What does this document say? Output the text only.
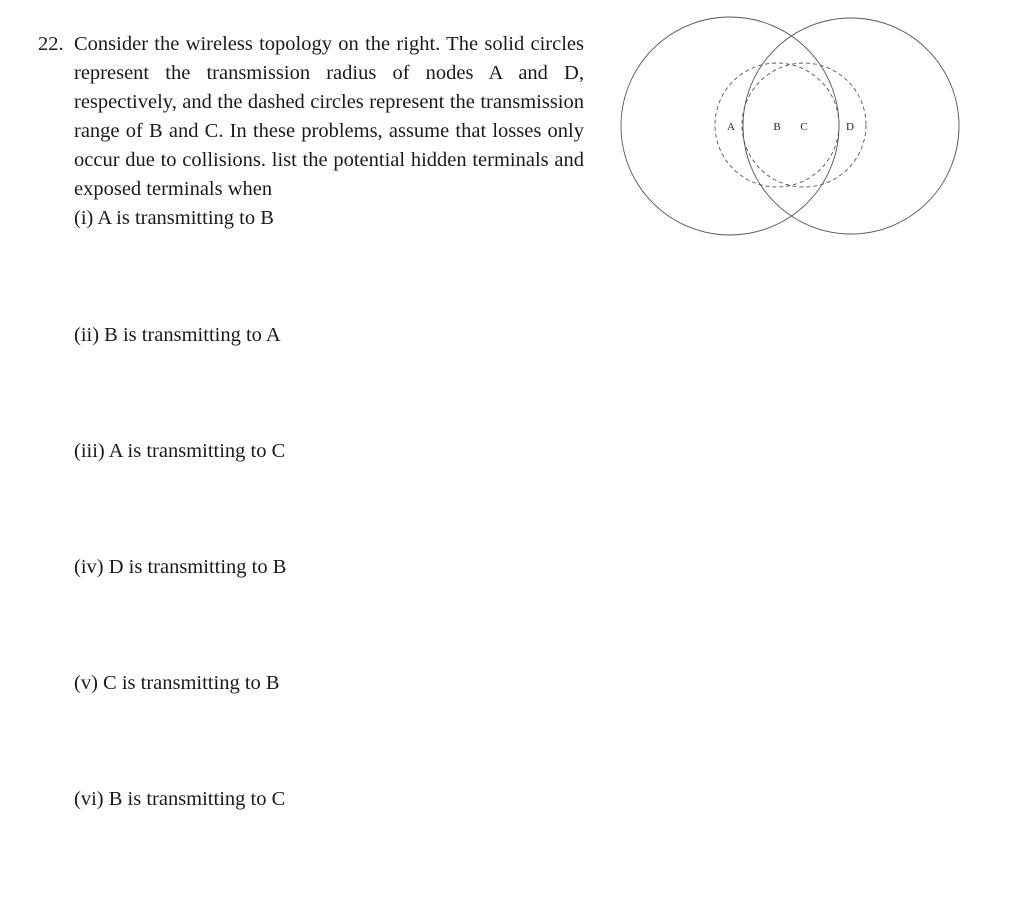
22. Consider the wireless topology on the right. The solid circles represent the transmission radius of nodes A and D, respectively, and the dashed circles represent the transmission range of B and C. In these problems, assume that losses only occur due to collisions. list the potential hidden terminals and exposed terminals when
(i) A is transmitting to B
(ii) B is transmitting to A
(iii) A is transmitting to C
(iv) D is transmitting to B
(v) C is transmitting to B
(vi) B is transmitting to C
A	B C	D
